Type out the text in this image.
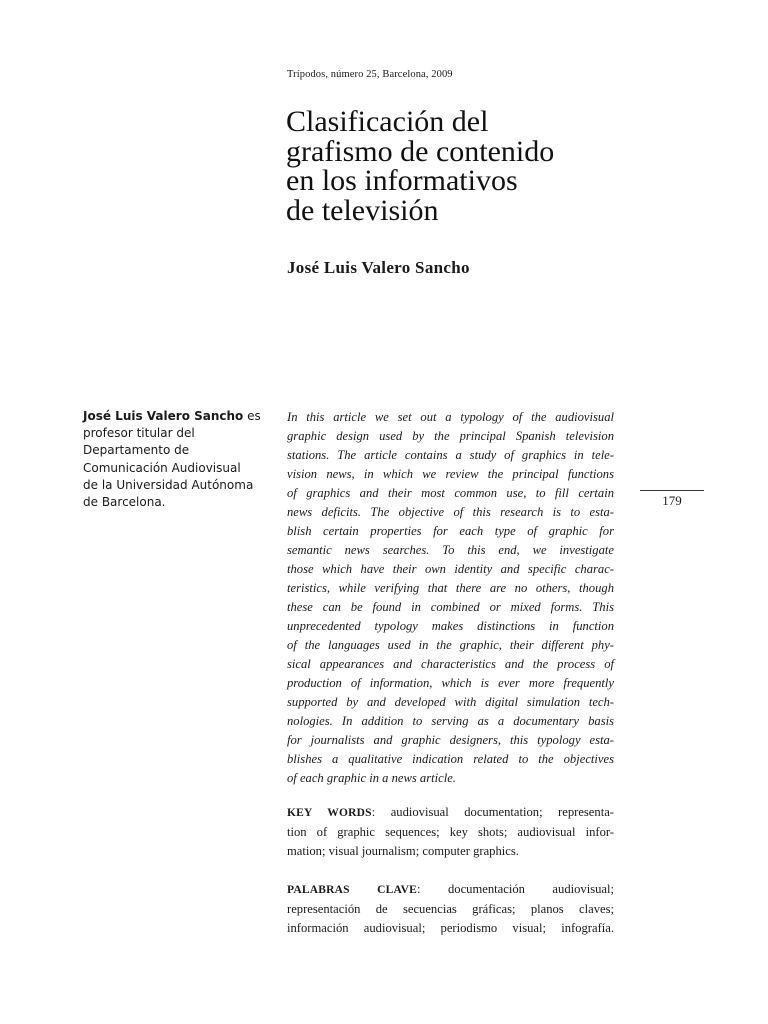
Trípodos, número 25, Barcelona, 2009
Clasificación del
grafismo de contenido
en los informativos
de televisión
José Luis Valero Sancho
José Luis Valero Sancho es
profesor titular del
Departamento de
Comunicación Audiovisual
de la Universidad Autónoma
de Barcelona.
In this article we set out a typology of the audiovisual
graphic design used by the principal Spanish television
stations. The article contains a study of graphics in tele-
vision news, in which we review the principal functions
of graphics and their most common use, to fill certain
news deficits. The objective of this research is to esta-
blish certain properties for each type of graphic for
semantic news searches. To this end, we investigate
those which have their own identity and specific charac-
teristics, while verifying that there are no others, though
these can be found in combined or mixed forms. This
unprecedented typology makes distinctions in function
of the languages used in the graphic, their different phy-
sical appearances and characteristics and the process of
production of information, which is ever more frequently
supported by and developed with digital simulation tech-
nologies. In addition to serving as a documentary basis
for journalists and graphic designers, this typology esta-
blishes a qualitative indication related to the objectives
of each graphic in a news article.
KEY WORDS: audiovisual documentation; representa-
tion of graphic sequences; key shots; audiovisual infor-
mation; visual journalism; computer graphics.
PALABRAS CLAVE: documentación audiovisual;
representación de secuencias gráficas; planos claves;
información audiovisual; periodismo visual; infografía.
179
